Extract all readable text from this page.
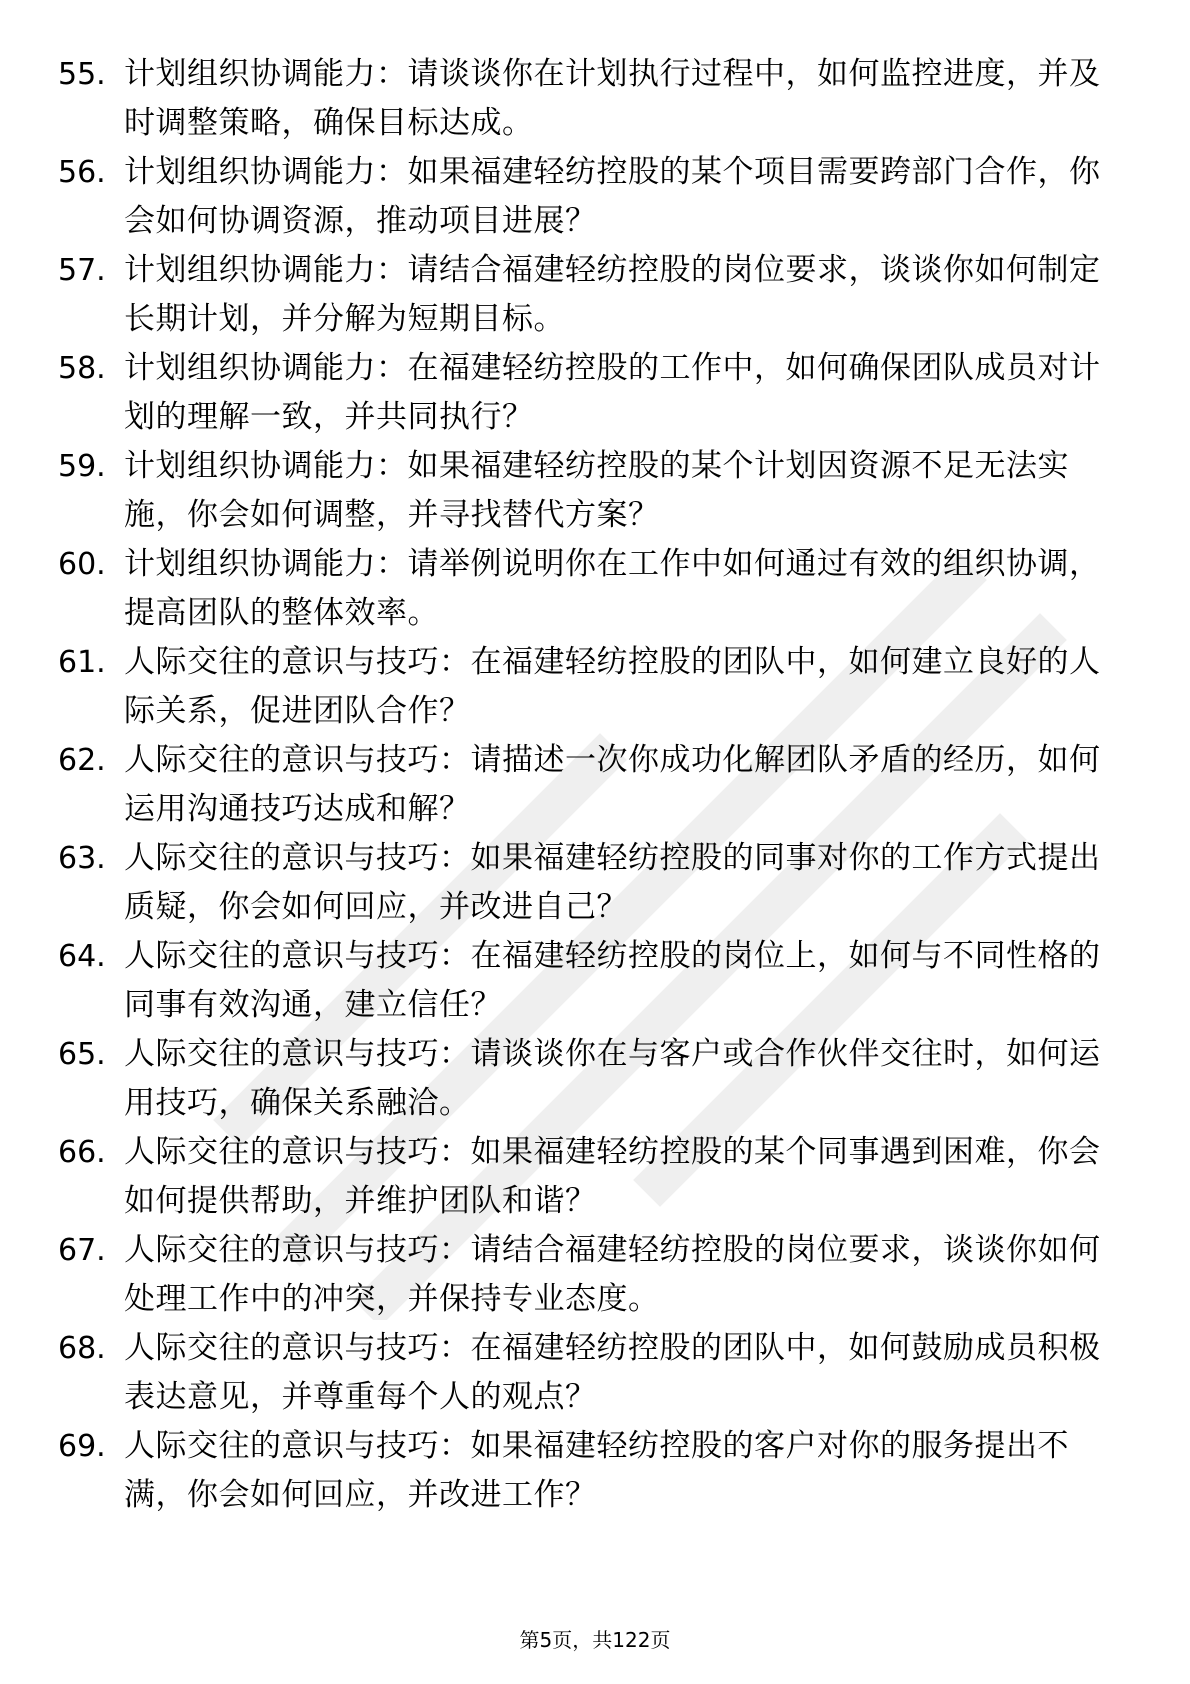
55. 计划组织协调能力：请谈谈你在计划执行过程中，如何监控进度，并及时调整策略，确保目标达成。
56. 计划组织协调能力：如果福建轻纺控股的某个项目需要跨部门合作，你会如何协调资源，推动项目进展？
57. 计划组织协调能力：请结合福建轻纺控股的岗位要求，谈谈你如何制定长期计划，并分解为短期目标。
58. 计划组织协调能力：在福建轻纺控股的工作中，如何确保团队成员对计划的理解一致，并共同执行？
59. 计划组织协调能力：如果福建轻纺控股的某个计划因资源不足无法实施，你会如何调整，并寻找替代方案？
60. 计划组织协调能力：请举例说明你在工作中如何通过有效的组织协调，提高团队的整体效率。
61. 人际交往的意识与技巧：在福建轻纺控股的团队中，如何建立良好的人际关系，促进团队合作？
62. 人际交往的意识与技巧：请描述一次你成功化解团队矛盾的经历，如何运用沟通技巧达成和解？
63. 人际交往的意识与技巧：如果福建轻纺控股的同事对你的工作方式提出质疑，你会如何回应，并改进自己？
64. 人际交往的意识与技巧：在福建轻纺控股的岗位上，如何与不同性格的同事有效沟通，建立信任？
65. 人际交往的意识与技巧：请谈谈你在与客户或合作伙伴交往时，如何运用技巧，确保关系融洽。
66. 人际交往的意识与技巧：如果福建轻纺控股的某个同事遇到困难，你会如何提供帮助，并维护团队和谐？
67. 人际交往的意识与技巧：请结合福建轻纺控股的岗位要求，谈谈你如何处理工作中的冲突，并保持专业态度。
68. 人际交往的意识与技巧：在福建轻纺控股的团队中，如何鼓励成员积极表达意见，并尊重每个人的观点？
69. 人际交往的意识与技巧：如果福建轻纺控股的客户对你的服务提出不满，你会如何回应，并改进工作？
第5页，共122页
